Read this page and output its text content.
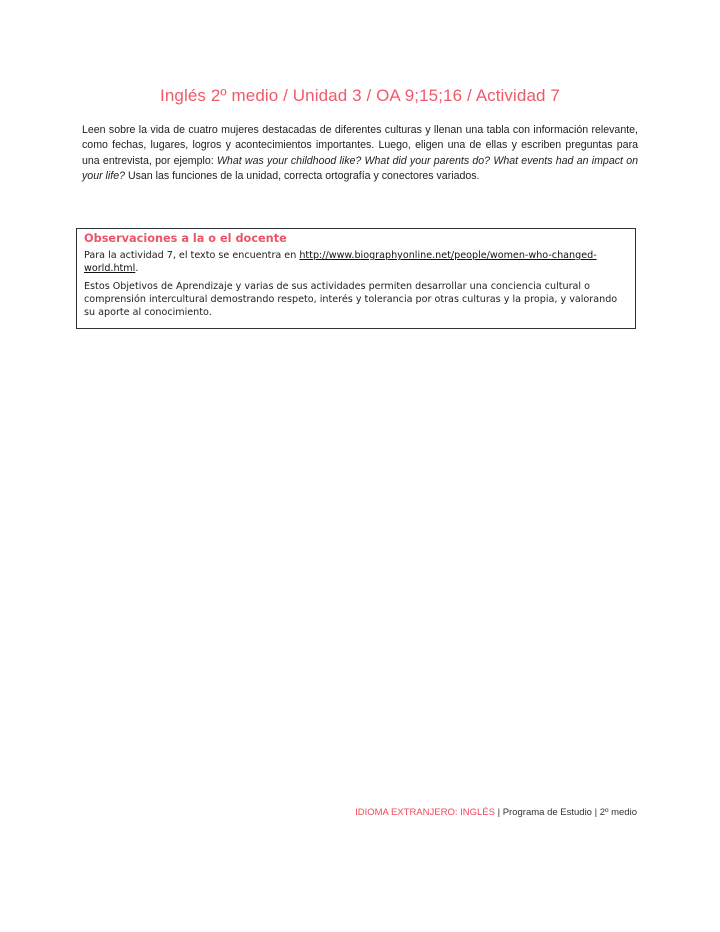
Inglés 2º medio / Unidad 3 / OA 9;15;16 / Actividad 7

Leen sobre la vida de cuatro mujeres destacadas de diferentes culturas y llenan una tabla con información relevante, como fechas, lugares, logros y acontecimientos importantes. Luego, eligen una de ellas y escriben preguntas para una entrevista, por ejemplo: What was your childhood like? What did your parents do? What events had an impact on your life? Usan las funciones de la unidad, correcta ortografía y conectores variados.

Observaciones a la o el docente

Para la actividad 7, el texto se encuentra en http://www.biographyonline.net/people/women-who-changed-world.html.

Estos Objetivos de Aprendizaje y varias de sus actividades permiten desarrollar una conciencia cultural o comprensión intercultural demostrando respeto, interés y tolerancia por otras culturas y la propia, y valorando su aporte al conocimiento.

IDIOMA EXTRANJERO: INGLÉS | Programa de Estudio | 2º medio
